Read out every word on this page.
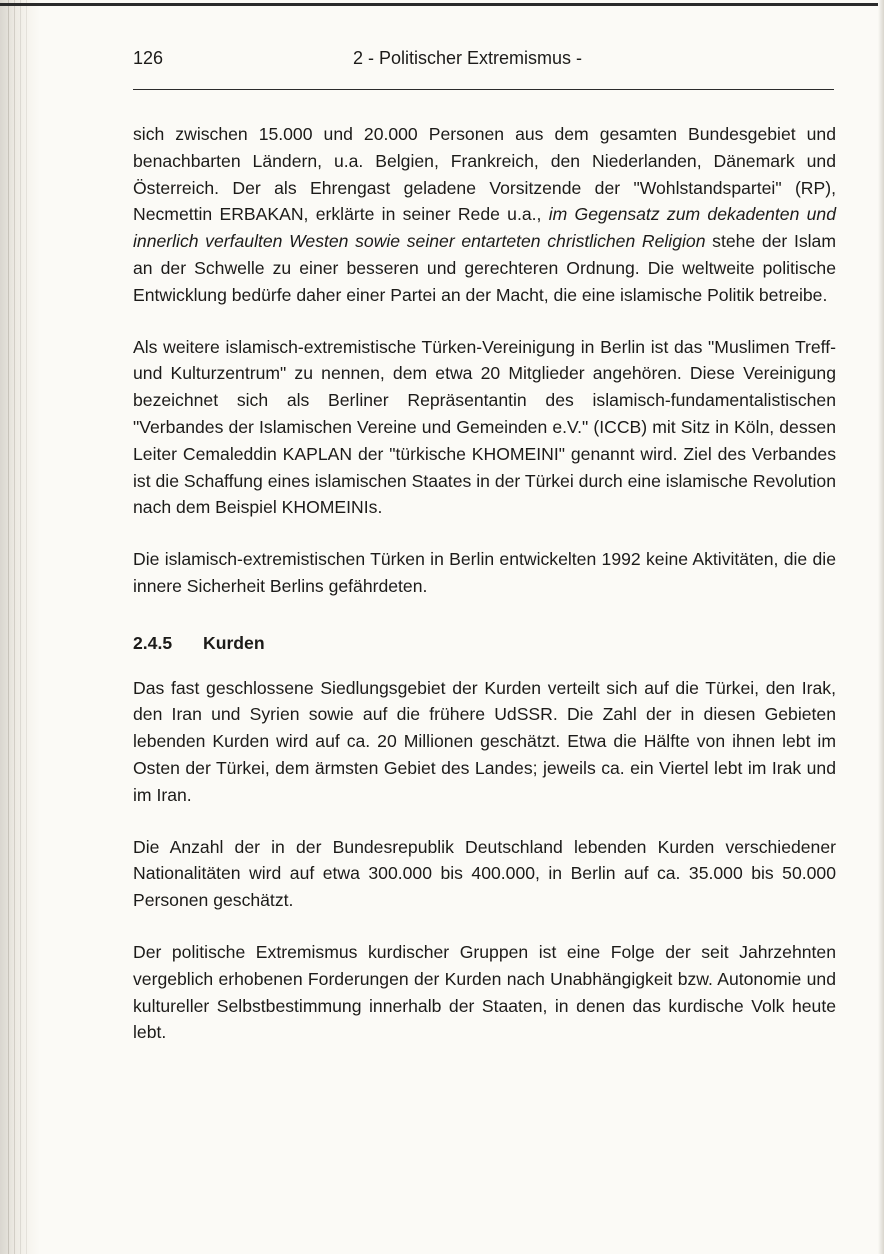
126	2 - Politischer Extremismus -

sich zwischen 15.000 und 20.000 Personen aus dem gesamten Bundesgebiet und benachbarten Ländern, u.a. Belgien, Frankreich, den Niederlanden, Dänemark und Österreich. Der als Ehrengast geladene Vorsitzende der "Wohlstandspartei" (RP), Necmettin ERBAKAN, erklärte in seiner Rede u.a., im Gegensatz zum dekadenten und innerlich verfaulten Westen sowie seiner entarteten christlichen Religion stehe der Islam an der Schwelle zu einer besseren und gerechteren Ordnung. Die weltweite politische Entwicklung bedürfe daher einer Partei an der Macht, die eine islamische Politik betreibe.

Als weitere islamisch-extremistische Türken-Vereinigung in Berlin ist das "Muslimen Treff- und Kulturzentrum" zu nennen, dem etwa 20 Mitglieder angehören. Diese Vereinigung bezeichnet sich als Berliner Repräsentantin des islamisch-fundamentalistischen "Verbandes der Islamischen Vereine und Gemeinden e.V." (ICCB) mit Sitz in Köln, dessen Leiter Cemaleddin KAPLAN der "türkische KHOMEINI" genannt wird. Ziel des Verbandes ist die Schaffung eines islamischen Staates in der Türkei durch eine islamische Revolution nach dem Beispiel KHOMEINIs.

Die islamisch-extremistischen Türken in Berlin entwickelten 1992 keine Aktivitäten, die die innere Sicherheit Berlins gefährdeten.

2.4.5 Kurden

Das fast geschlossene Siedlungsgebiet der Kurden verteilt sich auf die Türkei, den Irak, den Iran und Syrien sowie auf die frühere UdSSR. Die Zahl der in diesen Gebieten lebenden Kurden wird auf ca. 20 Millionen geschätzt. Etwa die Hälfte von ihnen lebt im Osten der Türkei, dem ärmsten Gebiet des Landes; jeweils ca. ein Viertel lebt im Irak und im Iran.

Die Anzahl der in der Bundesrepublik Deutschland lebenden Kurden verschiedener Nationalitäten wird auf etwa 300.000 bis 400.000, in Berlin auf ca. 35.000 bis 50.000 Personen geschätzt.

Der politische Extremismus kurdischer Gruppen ist eine Folge der seit Jahrzehnten vergeblich erhobenen Forderungen der Kurden nach Unabhängigkeit bzw. Autonomie und kultureller Selbstbestimmung innerhalb der Staaten, in denen das kurdische Volk heute lebt.
